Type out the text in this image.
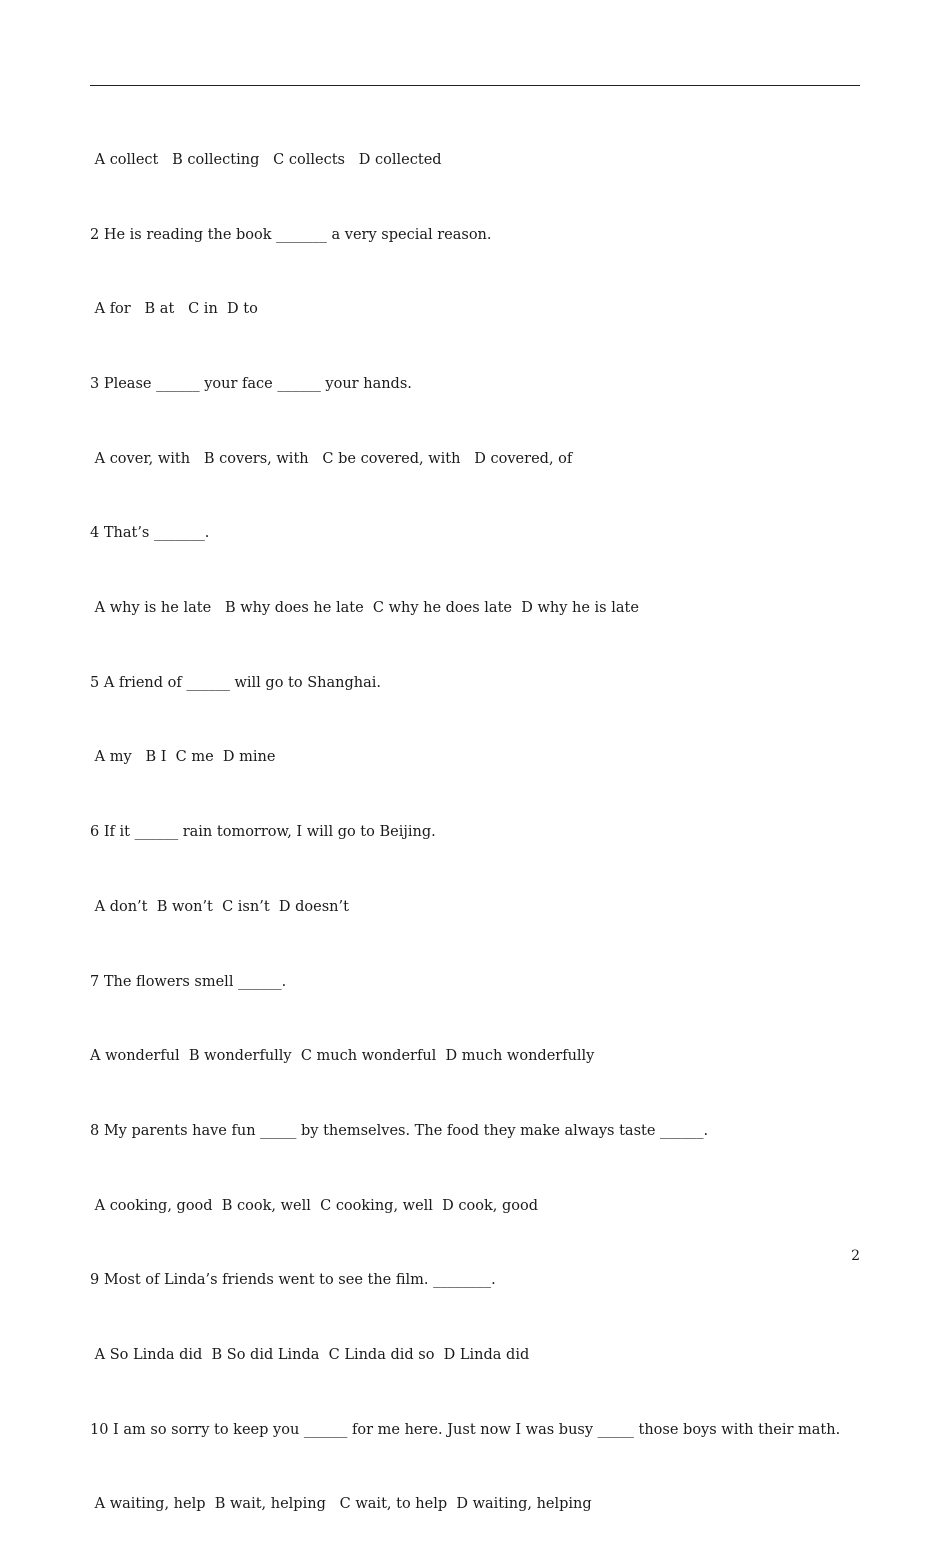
A collect   B collecting   C collects   D collected

2 He is reading the book _______ a very special reason.

A for   B at   C in  D to

3 Please ______ your face ______ your hands.

A cover, with   B covers, with   C be covered, with   D covered, of

4 That’s _______.

A why is he late   B why does he late  C why he does late  D why he is late

5 A friend of ______ will go to Shanghai.

A my   B I  C me  D mine

6 If it ______ rain tomorrow, I will go to Beijing.

A don’t  B won’t  C isn’t  D doesn’t

7 The flowers smell ______.

A wonderful  B wonderfully  C much wonderful  D much wonderfully

8 My parents have fun _____ by themselves. The food they make always taste ______.

A cooking, good  B cook, well  C cooking, well  D cook, good

9 Most of Linda’s friends went to see the film. ________.

A So Linda did  B So did Linda  C Linda did so  D Linda did

10 I am so sorry to keep you ______ for me here. Just now I was busy _____ those boys with their math.

A waiting, help  B wait, helping   C wait, to help  D waiting, helping

2
